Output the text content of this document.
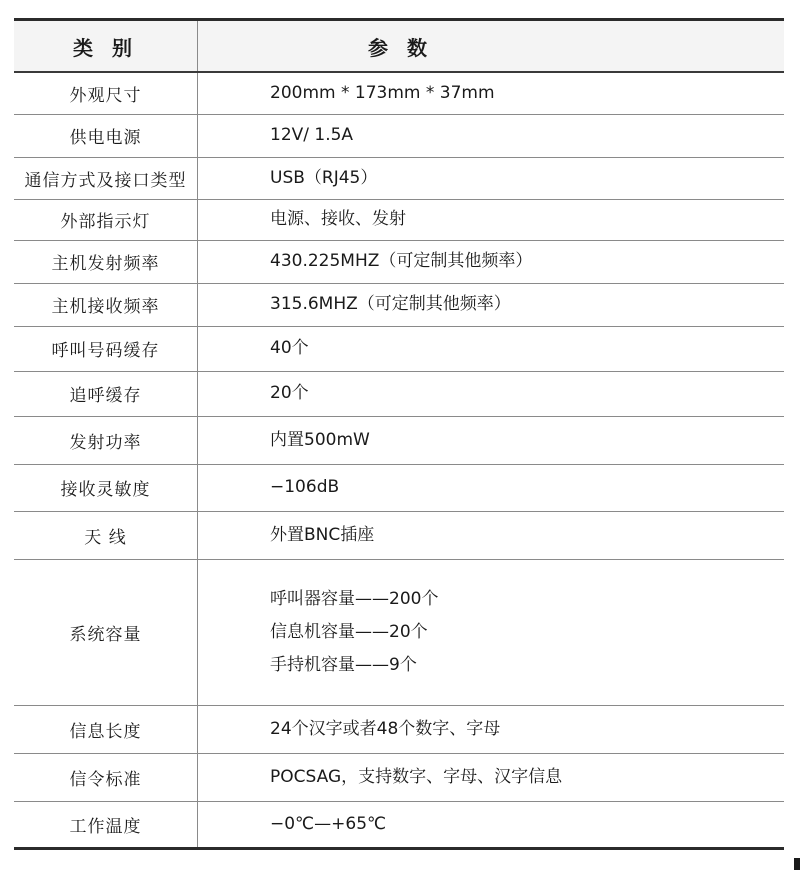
类 别	参 数
外观尺寸	200mm * 173mm * 37mm

供电电源	12V/ 1.5A

通信方式及接口类型	USB（RJ45）

外部指示灯	电源、接收、发射

主机发射频率	430.225MHZ（可定制其他频率）

主机接收频率	315.6MHZ（可定制其他频率）

呼叫号码缓存	40个

追呼缓存	20个

发射功率	内置500mW

接收灵敏度	−106dB

天 线	外置BNC插座

系统容量	呼叫器容量——200个
信息机容量——20个
手持机容量——9个

信息长度	24个汉字或者48个数字、字母

信令标准	POCSAG，支持数字、字母、汉字信息

工作温度	−0℃—+65℃
